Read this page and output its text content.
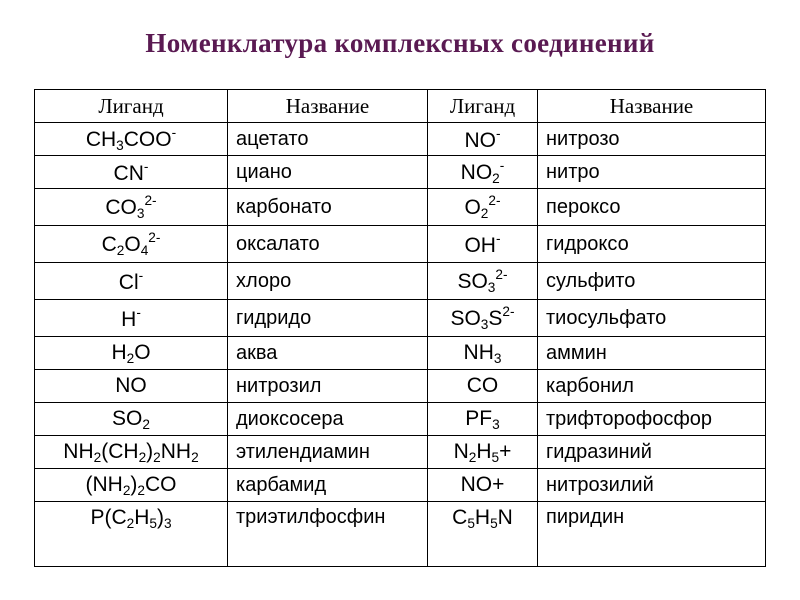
Номенклатура комплексных соединений
Лиганд	Название	Лиганд	Название
$CH_3COO^-$	ацетато	NO-	нитрозо
CN-	циано	$NO_2^-$	нитро
$CO_3^{2-}$	карбонато	$O_2^{2-}$	пероксо
$C_2O_4^{2-}$	оксалато	OH-	гидроксо
Cl-	хлоро	$SO_3^{2-}$	сульфито
H-	гидридо	$SO_3S^{2-}$	тиосульфато
$H_2O$	аква	$NH_3$	аммин
NO	нитрозил	CO	карбонил
$SO_2$	диоксосера	$PF_3$	трифторофосфор
$NH_2(CH_2)_2NH_2$	этилендиамин	$N_2H_5+$	гидразиний
$(NH_2)_2CO$	карбамид	NO+	нитрозилий
$P(C_2H_5)_3$	триэтилфосфин	$C_5H_5N$	пиридин
